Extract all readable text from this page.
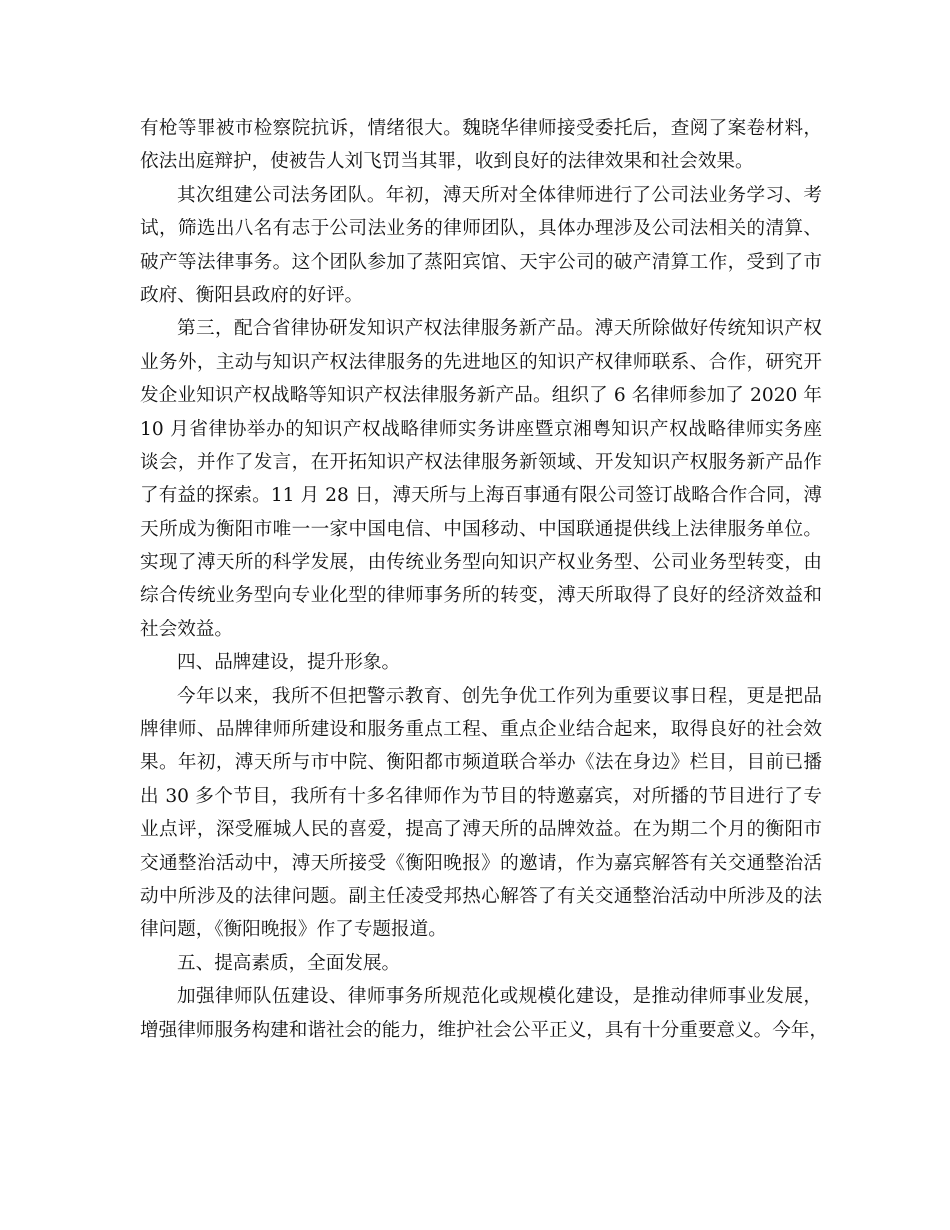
有枪等罪被市检察院抗诉，情绪很大。魏晓华律师接受委托后，查阅了案卷材料，
依法出庭辩护，使被告人刘飞罚当其罪，收到良好的法律效果和社会效果。
其次组建公司法务团队。年初，溥天所对全体律师进行了公司法业务学习、考
试，筛选出八名有志于公司法业务的律师团队，具体办理涉及公司法相关的清算、
破产等法律事务。这个团队参加了蒸阳宾馆、天宇公司的破产清算工作，受到了市
政府、衡阳县政府的好评。
第三，配合省律协研发知识产权法律服务新产品。溥天所除做好传统知识产权
业务外，主动与知识产权法律服务的先进地区的知识产权律师联系、合作，研究开
发企业知识产权战略等知识产权法律服务新产品。组织了 6 名律师参加了 2020 年
10 月省律协举办的知识产权战略律师实务讲座暨京湘粤知识产权战略律师实务座
谈会，并作了发言，在开拓知识产权法律服务新领域、开发知识产权服务新产品作
了有益的探索。11 月 28 日，溥天所与上海百事通有限公司签订战略合作合同，溥
天所成为衡阳市唯一一家中国电信、中国移动、中国联通提供线上法律服务单位。
实现了溥天所的科学发展，由传统业务型向知识产权业务型、公司业务型转变，由
综合传统业务型向专业化型的律师事务所的转变，溥天所取得了良好的经济效益和
社会效益。
四、品牌建设，提升形象。
今年以来，我所不但把警示教育、创先争优工作列为重要议事日程，更是把品
牌律师、品牌律师所建设和服务重点工程、重点企业结合起来，取得良好的社会效
果。年初，溥天所与市中院、衡阳都市频道联合举办《法在身边》栏目，目前已播
出 30 多个节目，我所有十多名律师作为节目的特邀嘉宾，对所播的节目进行了专
业点评，深受雁城人民的喜爱，提高了溥天所的品牌效益。在为期二个月的衡阳市
交通整治活动中，溥天所接受《衡阳晚报》的邀请，作为嘉宾解答有关交通整治活
动中所涉及的法律问题。副主任凌受邦热心解答了有关交通整治活动中所涉及的法
律问题，《衡阳晚报》作了专题报道。
五、提高素质，全面发展。
加强律师队伍建设、律师事务所规范化或规模化建设，是推动律师事业发展，
增强律师服务构建和谐社会的能力，维护社会公平正义，具有十分重要意义。今年，
